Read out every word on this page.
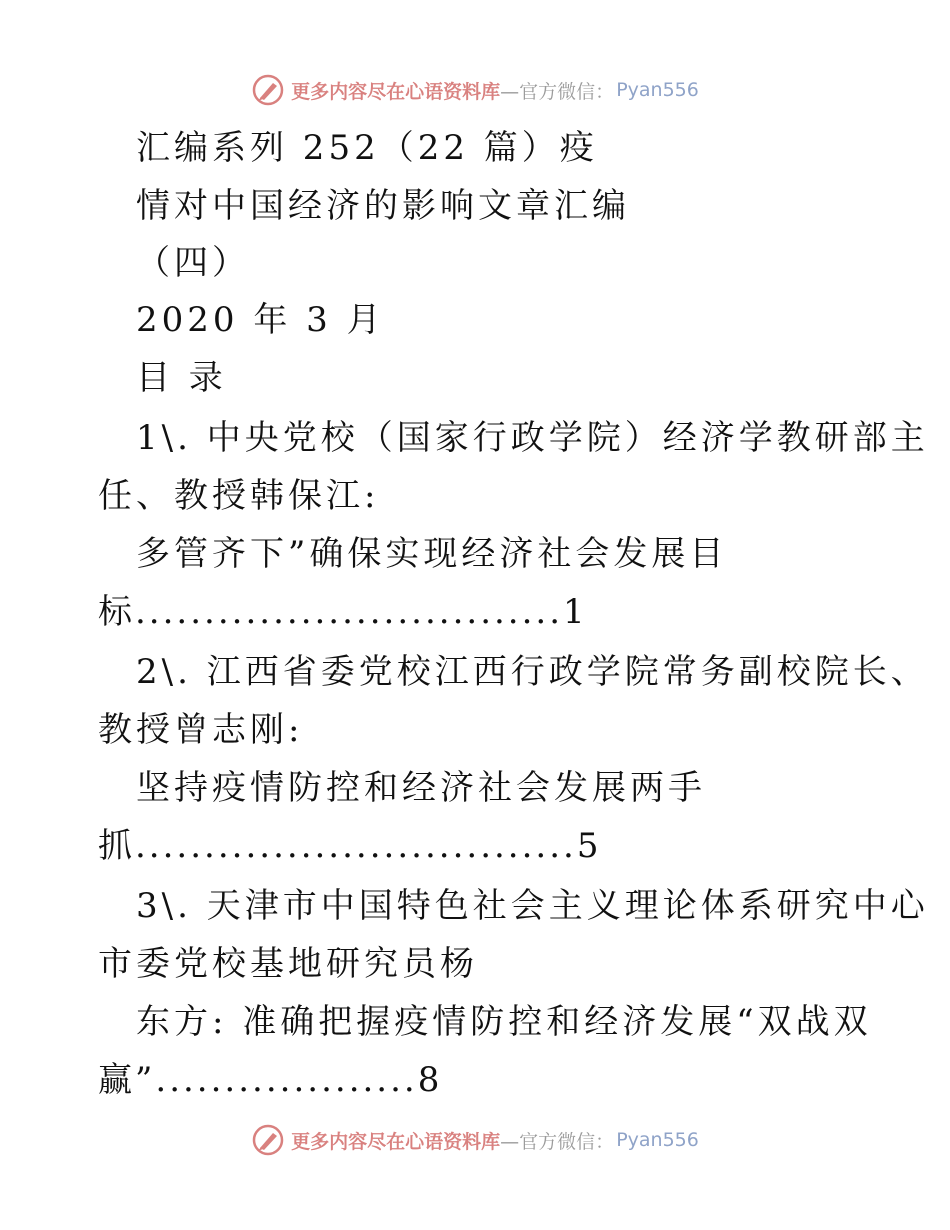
更多内容尽在心语资料库 —官方微信： Pyan556
汇编系列 252（22 篇）疫
情对中国经济的影响文章汇编
（四）
2020 年 3 月
目 录
1\. 中央党校（国家行政学院）经济学教研部主
任、教授韩保江:
多管齐下”确保实现经济社会发展目
标...............................1
2\. 江西省委党校江西行政学院常务副校院长、
教授曾志刚:
坚持疫情防控和经济社会发展两手
抓................................5
3\. 天津市中国特色社会主义理论体系研究中心
市委党校基地研究员杨
东方: 准确把握疫情防控和经济发展“双战双
赢”...................8
更多内容尽在心语资料库 —官方微信： Pyan556
